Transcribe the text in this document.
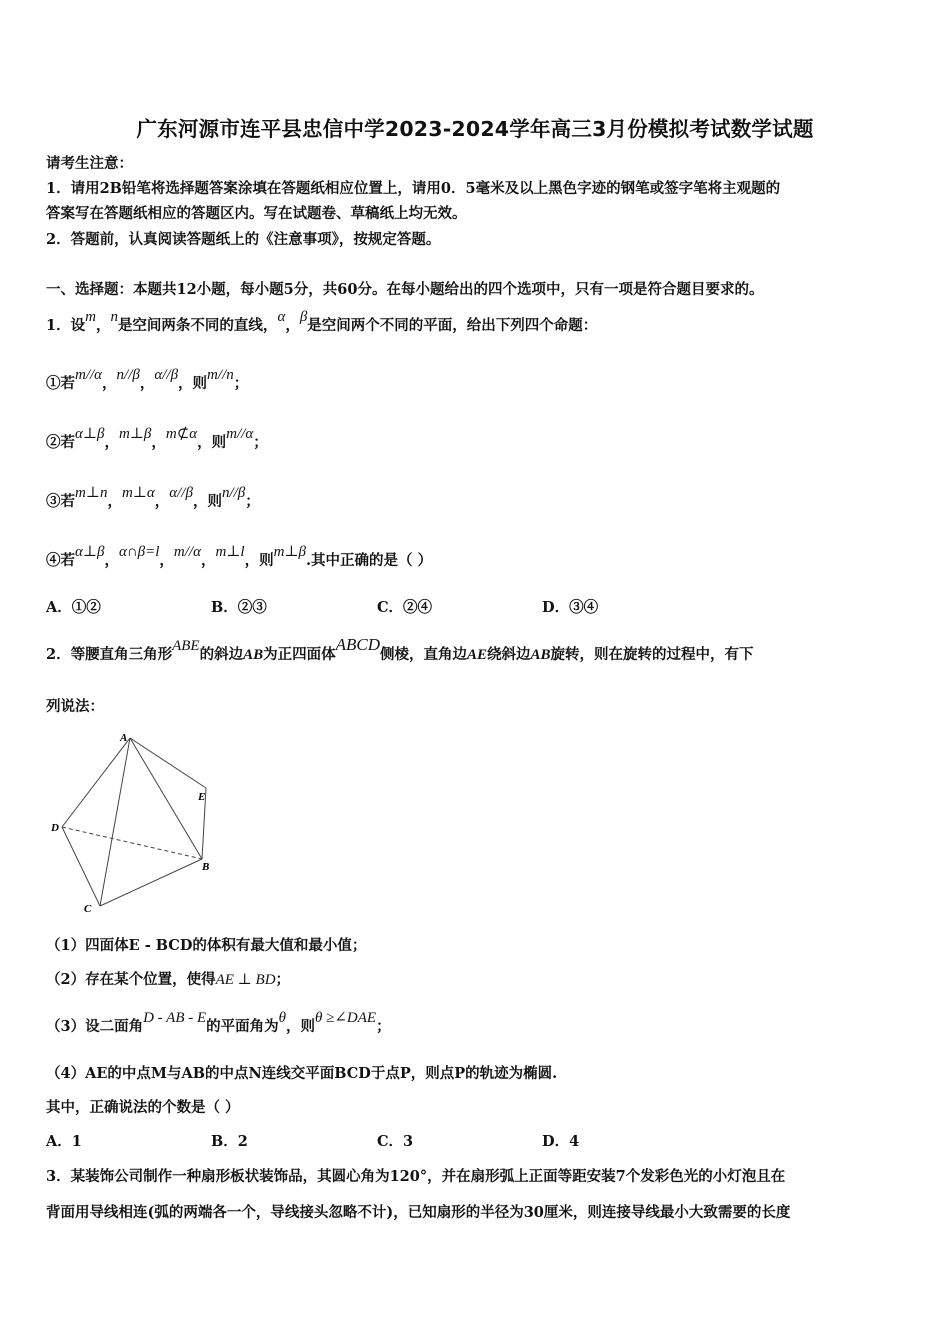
广东河源市连平县忠信中学2023-2024学年高三3月份模拟考试数学试题
请考生注意：
1．请用2B铅笔将选择题答案涂填在答题纸相应位置上，请用0．5毫米及以上黑色字迹的钢笔或签字笔将主观题的
答案写在答题纸相应的答题区内。写在试题卷、草稿纸上均无效。
2．答题前，认真阅读答题纸上的《注意事项》，按规定答题。
一、选择题：本题共12小题，每小题5分，共60分。在每小题给出的四个选项中，只有一项是符合题目要求的。
1．设m，n是空间两条不同的直线，α，β是空间两个不同的平面，给出下列四个命题：
①若m//α，n//β，α//β，则m//n；
②若α⊥β，m⊥β，m⊄α，则m//α；
③若m⊥n，m⊥α，α//β，则n//β；
④若α⊥β，α∩β=l，m//α，m⊥l，则m⊥β.其中正确的是（ ）
A．①②	B．②③	C．②④	D．③④
2．等腰直角三角形ABE的斜边AB为正四面体ABCD侧棱，直角边AE绕斜边AB旋转，则在旋转的过程中，有下
列说法：
A
E
D
B
C
（1）四面体E - BCD的体积有最大值和最小值；
（2）存在某个位置，使得AE ⊥ BD；
（3）设二面角D - AB - E的平面角为θ，则θ ≥∠DAE；
（4）AE的中点M与AB的中点N连线交平面BCD于点P，则点P的轨迹为椭圆.
其中，正确说法的个数是（ ）
A．1	B．2	C．3	D．4
3．某装饰公司制作一种扇形板状装饰品，其圆心角为120°，并在扇形弧上正面等距安装7个发彩色光的小灯泡且在
背面用导线相连(弧的两端各一个，导线接头忽略不计)，已知扇形的半径为30厘米，则连接导线最小大致需要的长度
